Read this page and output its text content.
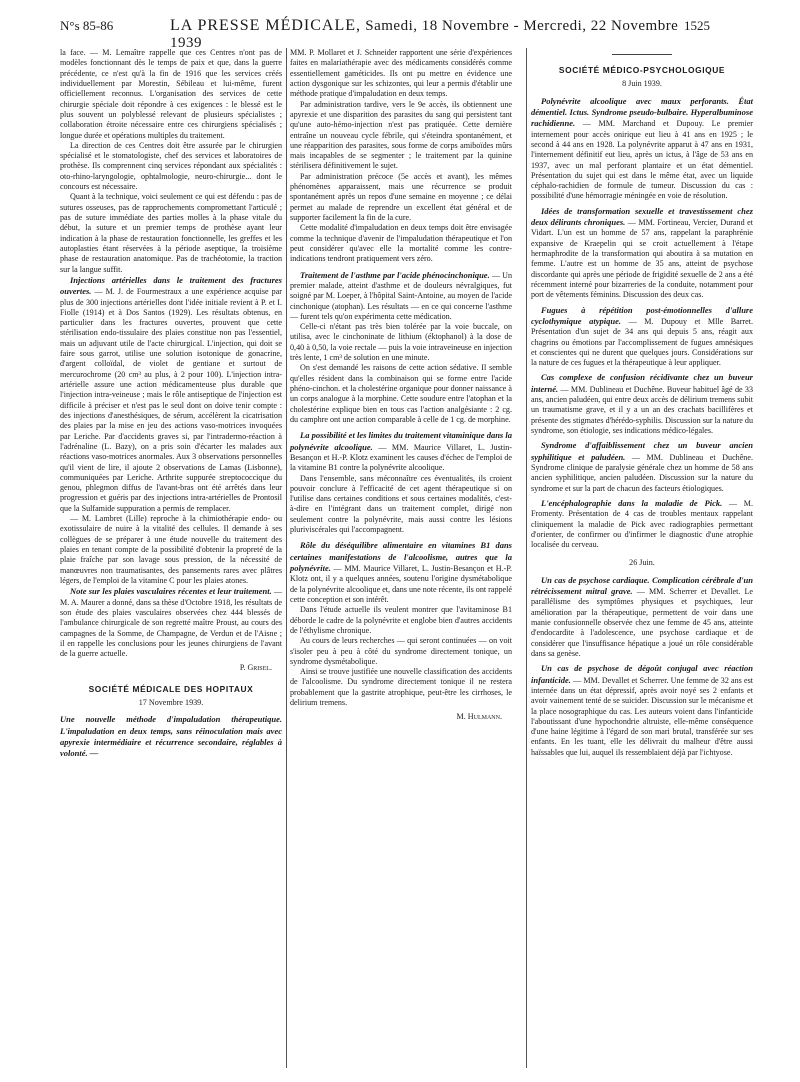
N°s 85-86	LA PRESSE MÉDICALE, Samedi, 18 Novembre - Mercredi, 22 Novembre 1939
1525

la face. — M. Lemaître rappelle que ces Centres n'ont pas de modèles fonctionnant dès le temps de paix et que, dans la guerre précédente, ce n'est qu'à la fin de 1916 que les services créés individuellement par Morestin, Sébileau et lui-même, furent officiellement reconnus. L'organisation des services de cette chirurgie spéciale doit répondre à ces exigences : le blessé est le plus souvent un polyblessé relevant de plusieurs spécialistes ; collaboration étroite nécessaire entre ces chirurgiens spécialisés ; longue durée et opérations multiples du traitement.

La direction de ces Centres doit être assurée par le chirurgien spécialisé et le stomatologiste, chef des services et laboratoires de prothèse. Ils comprennent cinq services répondant aux spécialités : oto-rhino-laryngologie, ophtalmologie, neuro-chirurgie... dont le concours est nécessaire.

Quant à la technique, voici seulement ce qui est défendu : pas de sutures osseuses, pas de rapprochements compromettant l'articulé ; pas de suture immédiate des parties molles à la phase vitale du début, la suture et un premier temps de prothèse ayant leur indication à la phase de restauration fonctionnelle, les greffes et les autoplasties étant réservées à la période aseptique, la troisième phase de restauration anatomique. Pas de trachéotomie, la traction sur la langue suffit.

Injections artérielles dans le traitement des fractures ouvertes. — M. J. de Fourmestraux a une expérience acquise par plus de 300 injections artérielles dont l'idée initiale revient à P. et I. Fiolle (1914) et à Dos Santos (1929). Les résultats obtenus, en particulier dans les fractures ouvertes, prouvent que cette stérilisation endo-tissulaire des plaies constitue non pas l'essentiel, mais un adjuvant utile de l'acte chirurgical. L'injection, qui doit se faire sous garrot, utilise une solution isotonique de gonacrine, d'argent colloïdal, de violet de gentiane et surtout de mercurochrome (20 cm³ au plus, à 2 pour 100). L'injection intra-artérielle assure une action médicamenteuse plus durable que l'injection intra-veineuse ; mais le rôle antiseptique de l'injection est difficile à préciser et n'est pas le seul dont on doive tenir compte : des injections d'anesthésiques, de sérum, accélèrent la cicatrisation des plaies par la mise en jeu des actions vaso-motrices invoquées par Leriche. Par d'accidents graves si, par l'intradermo-réaction à l'adrénaline (L. Bazy), on a pris soin d'écarter les malades aux réactions vaso-motrices anormales. Aux 3 observations personnelles qu'il vient de lire, il ajoute 2 observations de Lamas (Lisbonne), communiquées par Leriche. Arthrite suppurée streptococcique du genou, phlegmon diffus de l'avant-bras ont été arrêtés dans leur progression et guéris par des injections intra-artérielles de Prontosil que la Sulfamide suppuration a permis de remplacer.

— M. Lambret (Lille) reproche à la chimiothérapie endo- ou exotissulaire de nuire à la vitalité des cellules. Il demande à ses collègues de se préparer à une étude nouvelle du traitement des plaies en tenant compte de la possibilité d'obtenir la propreté de la plaie fraîche par son lavage sous pression, de la nécessité de manœuvres non traumatisantes, des pansements rares avec plâtres légers, de l'emploi de la vitamine C pour les plaies atones.

Note sur les plaies vasculaires récentes et leur traitement. — M. A. Maurer a donné, dans sa thèse d'Octobre 1918, les résultats de son étude des plaies vasculaires observées chez 444 blessés de l'ambulance chirurgicale de son regretté maître Proust, au cours des campagnes de la Somme, de Champagne, de Verdun et de l'Aisne ; il en rappelle les conclusions pour les jeunes chirurgiens de l'avant de la guerre actuelle.

P. Grisel.
SOCIÉTÉ MÉDICALE DES HOPITAUX
17 Novembre 1939.

Une nouvelle méthode d'impaludation thérapeutique. L'impaludation en deux temps, sans réinoculation mais avec apyrexie intermédiaire et récurrence secondaire, réglables à volonté. —

MM. P. Mollaret et J. Schneider rapportent une série d'expériences faites en malariathérapie avec des médicaments considérés comme essentiellement gaméticides. Ils ont pu mettre en évidence une action dysgonique sur les schizontes, qui leur a permis d'établir une méthode pratique d'impaludation en deux temps.

Par administration tardive, vers le 9e accès, ils obtiennent une apyrexie et une disparition des parasites du sang qui persistent tant qu'une auto-hémo-injection n'est pas pratiquée. Cette dernière entraîne un nouveau cycle fébrile, qui s'éteindra spontanément, et une réapparition des parasites, sous forme de corps amiboïdes mûrs mais incapables de se segmenter ; le traitement par la quinine stérilisera définitivement le sujet.

Par administration précoce (5e accès et avant), les mêmes phénomènes apparaissent, mais une récurrence se produit spontanément après un repos d'une semaine en moyenne ; ce délai permet au malade de reprendre un excellent état général et de supporter facilement la fin de la cure.

Cette modalité d'impaludation en deux temps doit être envisagée comme la technique d'avenir de l'impaludation thérapeutique et l'on peut considérer qu'avec elle la mortalité comme les contre-indications tendront pratiquement vers zéro.

Traitement de l'asthme par l'acide phénocinchonique. — Un premier malade, atteint d'asthme et de douleurs névralgiques, fut soigné par M. Loeper, à l'hôpital Saint-Antoine, au moyen de l'acide cinchonique (atophan). Les résultats — en ce qui concerne l'asthme — furent tels qu'on expérimenta cette médication.

Celle-ci n'étant pas très bien tolérée par la voie buccale, on utilisa, avec le cinchoninate de lithium (éktophanol) à la dose de 0,40 à 0,50, la voie rectale — puis la voie intraveineuse en injection très lente, 1 cm³ de solution en une minute.

On s'est demandé les raisons de cette action sédative. Il semble qu'elles résident dans la combinaison qui se forme entre l'acide phéno-cinchon. et la cholestérine organique pour donner naissance à un corps analogue à la morphine. Cette soudure entre l'atophan et la cholestérine explique bien en tous cas l'action analgésiante : 2 cg. du camphre ont une action comparable à celle de 1 cg. de morphine.

La possibilité et les limites du traitement vitaminique dans la polynévrite alcoolique. — MM. Maurice Villaret, L. Justin-Besançon et H.-P. Klotz examinent les causes d'échec de l'emploi de la vitamine B1 contre la polynévrite alcoolique.

Dans l'ensemble, sans méconnaître ces éventualités, ils croient pouvoir conclure à l'efficacité de cet agent thérapeutique si on l'utilise dans certaines conditions et sous certaines modalités, c'est-à-dire en l'intégrant dans un traitement complet, dirigé non seulement contre la polynévrite, mais aussi contre les lésions pluriviscérales qui l'accompagnent.

Rôle du déséquilibre alimentaire en vitamines B1 dans certaines manifestations de l'alcoolisme, autres que la polynévrite. — MM. Maurice Villaret, L. Justin-Besançon et H.-P. Klotz ont, il y a quelques années, soutenu l'origine dysmétabolique de la polynévrite alcoolique et, dans une note récente, ils ont rappelé cette conception et son intérêt.

Dans l'étude actuelle ils veulent montrer que l'avitaminose B1 déborde le cadre de la polynévrite et englobe bien d'autres accidents de l'éthylisme chronique.

Au cours de leurs recherches — qui seront continuées — on voit s'isoler peu à peu à côté du syndrome directement tonique, un syndrome dysmétabolique.

Ainsi se trouve justifiée une nouvelle classification des accidents de l'alcoolisme. Du syndrome directement tonique il ne restera probablement que la gastrite atrophique, peut-être les cirrhoses, le delirium tremens.

M. Hulmann.
SOCIÉTÉ MÉDICO-PSYCHOLOGIQUE
8 Juin 1939.

Polynévrite alcoolique avec maux perforants. État démentiel. Ictus. Syndrome pseudo-bulbaire. Hyperalbuminose rachidienne. — MM. Marchand et Dupouy. Le premier internement pour accès onirique eut lieu à 41 ans en 1925 ; le second à 44 ans en 1928. La polynévrite apparut à 47 ans en 1931, l'internement définitif eut lieu, après un ictus, à l'âge de 53 ans en 1937, avec un mal perforant plantaire et un état démentiel. Présentation du sujet qui est dans le même état, avec un liquide céphalo-rachidien de formule de tumeur. Discussion du cas : possibilité d'une hémorragie méningée en voie de résolution.

Idées de transformation sexuelle et travestissement chez deux délirants chroniques. — MM. Fortineau, Vercier, Durand et Vidart. L'un est un homme de 57 ans, rappelant la paraphrénie expansive de Kraepelin qui se croit actuellement à l'étape hermaphrodite de la transformation qui aboutira à sa mutation en femme. L'autre est un homme de 35 ans, atteint de psychose discordante qui après une période de frigidité sexuelle de 2 ans a été récemment interné pour bizarreries de la conduite, notamment pour port de vêtements féminins. Discussion des deux cas.

Fugues à répétition post-émotionnelles d'allure cyclothymique atypique. — M. Dupouy et Mlle Barret. Présentation d'un sujet de 34 ans qui depuis 5 ans, réagit aux chagrins ou émotions par l'accomplissement de fugues amnésiques et conscientes qui ne durent que quelques jours. Considérations sur la nature de ces fugues et la thérapeutique à leur appliquer.

Cas complexe de confusion récidivante chez un buveur interné. — MM. Dublineau et Duchêne. Buveur habituel âgé de 33 ans, ancien paludéen, qui entre deux accès de délirium tremens subit un traumatisme grave, et il y a un an des crachats bacillifères et présente des stigmates d'hérédo-syphilis. Discussion sur la nature du syndrome, son étiologie, ses indications médico-légales.

Syndrome d'affaiblissement chez un buveur ancien syphilitique et paludéen. — MM. Dublineau et Duchêne. Syndrome clinique de paralysie générale chez un homme de 58 ans ancien syphilitique, ancien paludéen. Discussion sur la nature du syndrome et sur la part de chacun des facteurs étiologiques.

L'encéphalographie dans la maladie de Pick. — M. Fromenty. Présentation de 4 cas de troubles mentaux rappelant cliniquement la maladie de Pick avec radiographies permettant d'orienter, de confirmer ou d'infirmer le diagnostic d'une atrophie localisée du cerveau.

26 Juin.

Un cas de psychose cardiaque. Complication cérébrale d'un rétrécissement mitral grave. — MM. Scherrer et Devallet. Le parallélisme des symptômes physiques et psychiques, leur amélioration par la thérapeutique, permettent de voir dans une manie confusionnelle observée chez une femme de 45 ans, atteinte d'endocardite à l'adolescence, une psychose cardiaque et de considérer que l'insuffisance hépatique a joué un rôle considérable dans sa genèse.

Un cas de psychose de dégoût conjugal avec réaction infanticide. — MM. Devallet et Scherrer. Une femme de 32 ans est internée dans un état dépressif, après avoir noyé ses 2 enfants et avoir vainement tenté de se suicider. Discussion sur le mécanisme et la place nosographique du cas. Les auteurs voient dans l'infanticide l'aboutissant d'une hypochondrie altruiste, elle-même conséquence d'une haine légitime à l'égard de son mari brutal, transférée sur ses enfants. En les tuant, elle les délivrait du malheur d'être aussi haïssables que lui, auquel ils ressemblaient déjà par l'ichtyose.
